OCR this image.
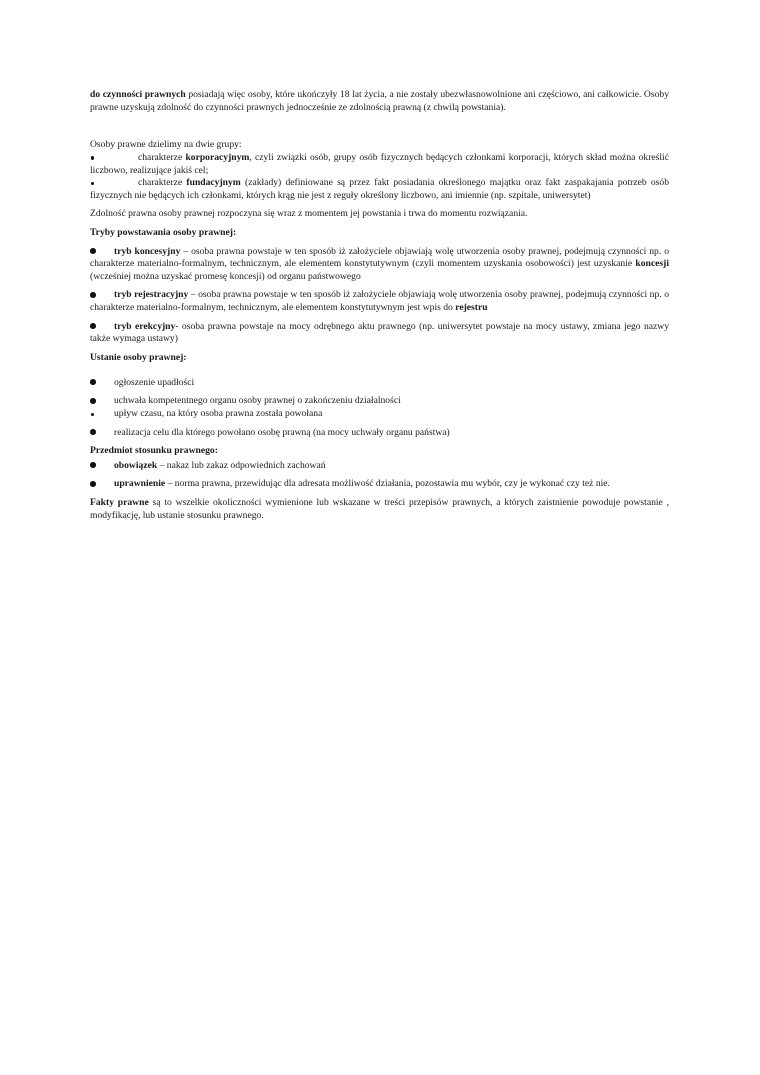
do czynności prawnych posiadają więc osoby, które ukończyły 18 lat życia, a nie zostały ubezwłasnowolnione ani częściowo, ani całkowicie. Osoby prawne uzyskują zdolność do czynności prawnych jednocześnie ze zdolnością prawną (z chwilą powstania).

Osoby prawne dzielimy na dwie grupy:

charakterze korporacyjnym, czyli związki osób, grupy osób fizycznych będących członkami korporacji, których skład można określić liczbowo, realizujące jakiś cel;

charakterze fundacyjnym (zakłady) definiowane są przez fakt posiadania określonego majątku oraz fakt zaspakajania potrzeb osób fizycznych nie będących ich członkami, których krąg nie jest z reguły określony liczbowo, ani imiennie (np. szpitale, uniwersytet)

Zdolność prawna osoby prawnej rozpoczyna się wraz z momentem jej powstania i trwa do momentu rozwiązania.

Tryby powstawania osoby prawnej:

tryb koncesyjny – osoba prawna powstaje w ten sposób iż założyciele objawiają wolę utworzenia osoby prawnej, podejmują czynności np. o charakterze materialno-formalnym, technicznym, ale elementem konstytutywnym (czyli momentem uzyskania osobowości) jest uzyskanie koncesji (wcześniej można uzyskać promesę koncesji) od organu państwowego

tryb rejestracyjny – osoba prawna powstaje w ten sposób iż założyciele objawiają wolę utworzenia osoby prawnej, podejmują czynności np. o charakterze materialno-formalnym, technicznym, ale elementem konstytutywnym jest wpis do rejestru

tryb erekcyjny- osoba prawna powstaje na mocy odrębnego aktu prawnego (np. uniwersytet powstaje na mocy ustawy, zmiana jego nazwy także wymaga ustawy)

Ustanie osoby prawnej:

ogłoszenie upadłości

uchwała kompetentnego organu osoby prawnej o zakończeniu działalności

upływ czasu, na który osoba prawna została powołana

realizacja celu dla którego powołano osobę prawną (na mocy uchwały organu państwa)

Przedmiot stosunku prawnego:

obowiązek – nakaz lub zakaz odpowiednich zachowań

uprawnienie – norma prawna, przewidując dla adresata możliwość działania, pozostawia mu wybór, czy je wykonać czy też nie.

Fakty prawne są to wszelkie okoliczności wymienione lub wskazane w treści przepisów prawnych, a których zaistnienie powoduje powstanie , modyfikację, lub ustanie stosunku prawnego.
